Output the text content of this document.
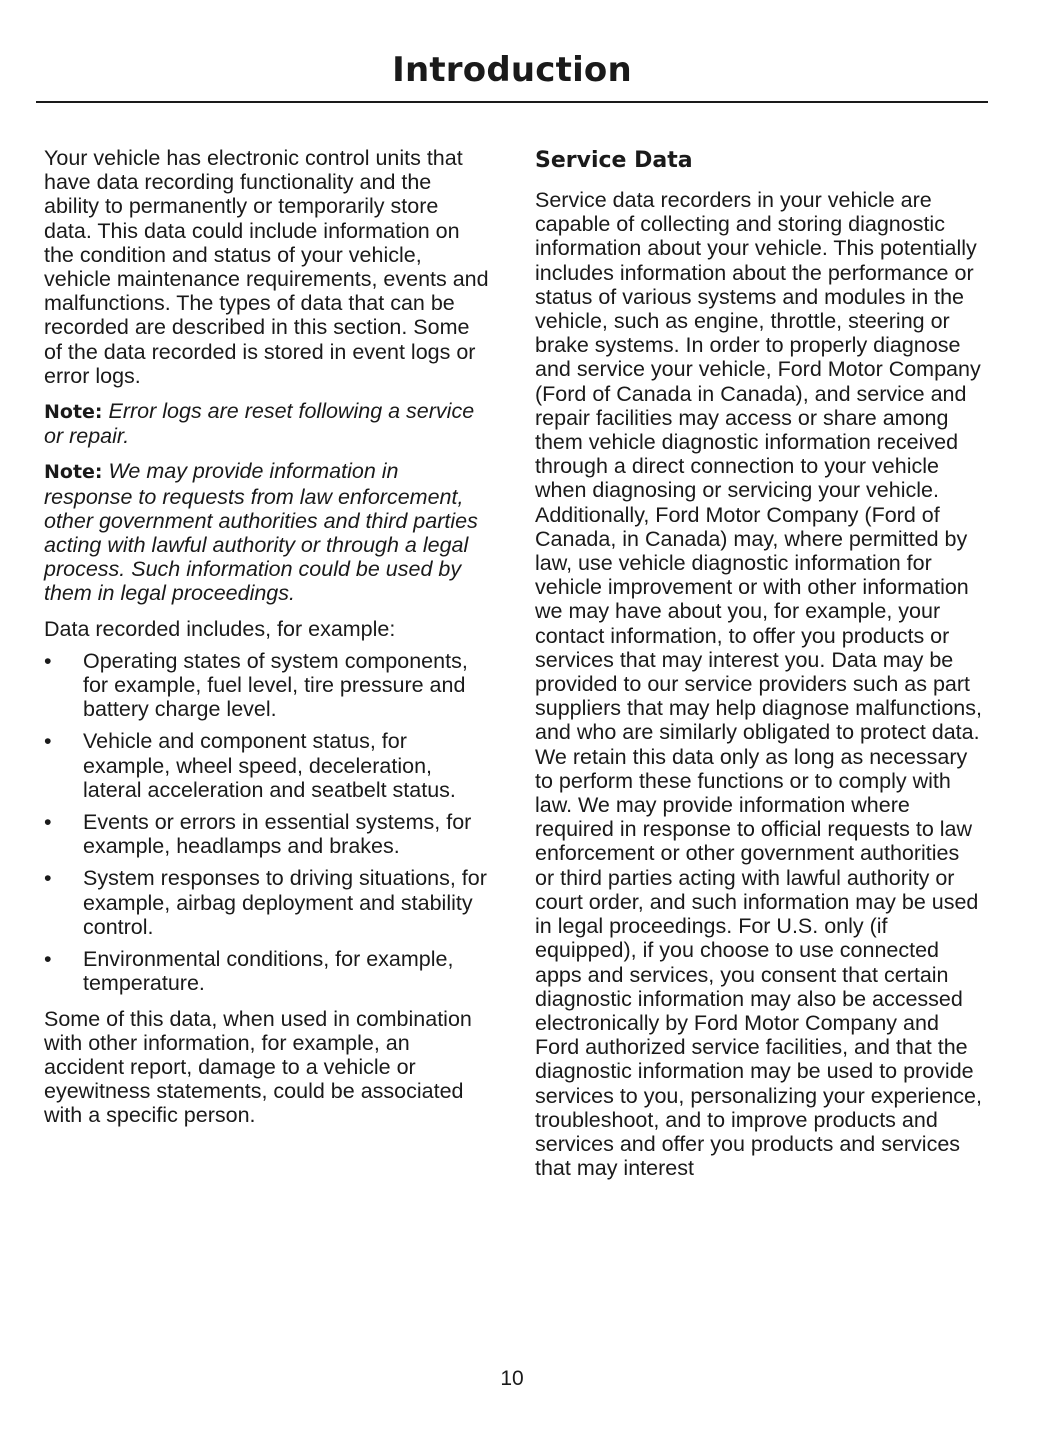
Introduction

Your vehicle has electronic control units that have data recording functionality and the ability to permanently or temporarily store data. This data could include information on the condition and status of your vehicle, vehicle maintenance requirements, events and malfunctions. The types of data that can be recorded are described in this section. Some of the data recorded is stored in event logs or error logs.

Note: Error logs are reset following a service or repair.

Note: We may provide information in response to requests from law enforcement, other government authorities and third parties acting with lawful authority or through a legal process. Such information could be used by them in legal proceedings.

Data recorded includes, for example:

• Operating states of system components, for example, fuel level, tire pressure and battery charge level.
• Vehicle and component status, for example, wheel speed, deceleration, lateral acceleration and seatbelt status.
• Events or errors in essential systems, for example, headlamps and brakes.
• System responses to driving situations, for example, airbag deployment and stability control.
• Environmental conditions, for example, temperature.

Some of this data, when used in combination with other information, for example, an accident report, damage to a vehicle or eyewitness statements, could be associated with a specific person.

Service Data

Service data recorders in your vehicle are capable of collecting and storing diagnostic information about your vehicle. This potentially includes information about the performance or status of various systems and modules in the vehicle, such as engine, throttle, steering or brake systems. In order to properly diagnose and service your vehicle, Ford Motor Company (Ford of Canada in Canada), and service and repair facilities may access or share among them vehicle diagnostic information received through a direct connection to your vehicle when diagnosing or servicing your vehicle. Additionally, Ford Motor Company (Ford of Canada, in Canada) may, where permitted by law, use vehicle diagnostic information for vehicle improvement or with other information we may have about you, for example, your contact information, to offer you products or services that may interest you. Data may be provided to our service providers such as part suppliers that may help diagnose malfunctions, and who are similarly obligated to protect data. We retain this data only as long as necessary to perform these functions or to comply with law. We may provide information where required in response to official requests to law enforcement or other government authorities or third parties acting with lawful authority or court order, and such information may be used in legal proceedings. For U.S. only (if equipped), if you choose to use connected apps and services, you consent that certain diagnostic information may also be accessed electronically by Ford Motor Company and Ford authorized service facilities, and that the diagnostic information may be used to provide services to you, personalizing your experience, troubleshoot, and to improve products and services and offer you products and services that may interest

10
